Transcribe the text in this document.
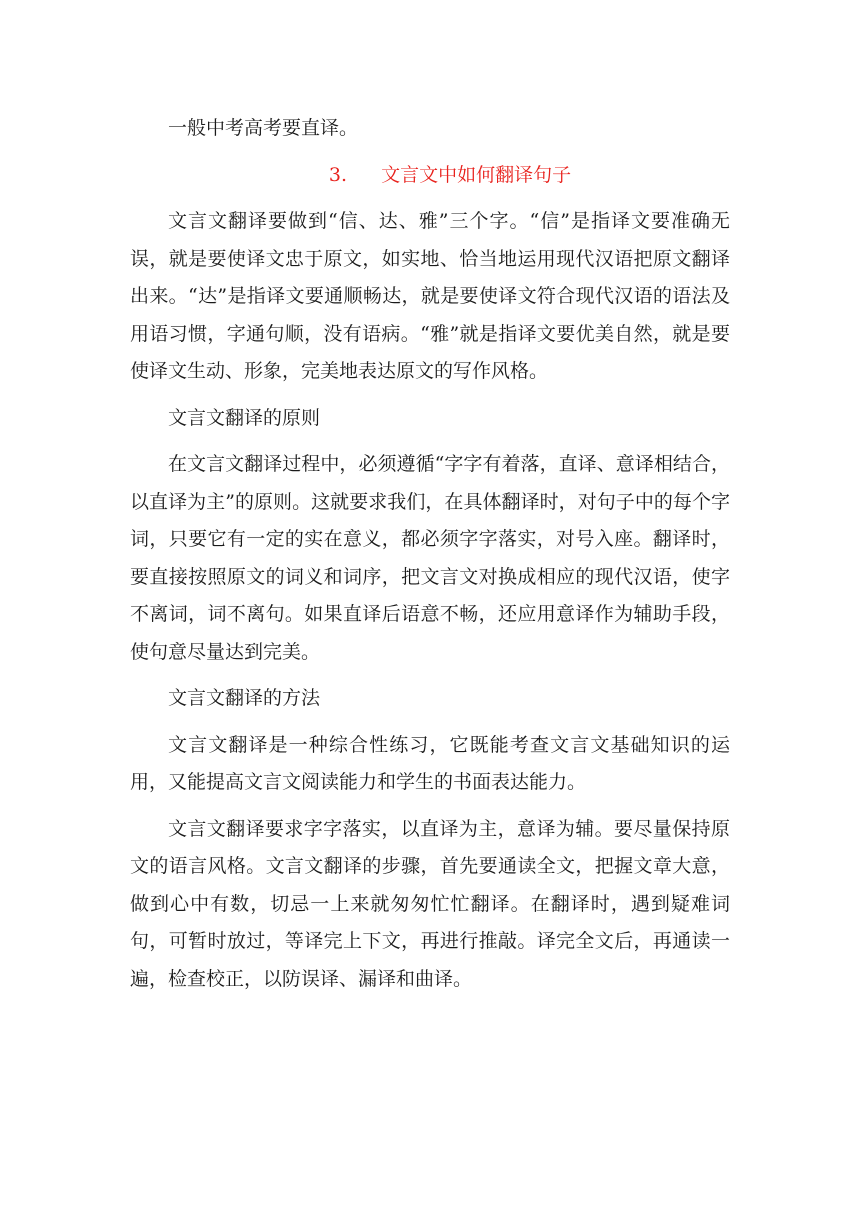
一般中考高考要直译。

3. 文言文中如何翻译句子

文言文翻译要做到“信、达、雅”三个字。“信”是指译文要准确无误，就是要使译文忠于原文，如实地、恰当地运用现代汉语把原文翻译出来。“达”是指译文要通顺畅达，就是要使译文符合现代汉语的语法及用语习惯，字通句顺，没有语病。“雅”就是指译文要优美自然，就是要使译文生动、形象，完美地表达原文的写作风格。

文言文翻译的原则

在文言文翻译过程中，必须遵循“字字有着落，直译、意译相结合，以直译为主”的原则。这就要求我们，在具体翻译时，对句子中的每个字词，只要它有一定的实在意义，都必须字字落实，对号入座。翻译时，要直接按照原文的词义和词序，把文言文对换成相应的现代汉语，使字不离词，词不离句。如果直译后语意不畅，还应用意译作为辅助手段，使句意尽量达到完美。

文言文翻译的方法

文言文翻译是一种综合性练习，它既能考查文言文基础知识的运用，又能提高文言文阅读能力和学生的书面表达能力。

文言文翻译要求字字落实，以直译为主，意译为辅。要尽量保持原文的语言风格。文言文翻译的步骤，首先要通读全文，把握文章大意，做到心中有数，切忌一上来就匆匆忙忙翻译。在翻译时，遇到疑难词句，可暂时放过，等译完上下文，再进行推敲。译完全文后，再通读一遍，检查校正，以防误译、漏译和曲译。
